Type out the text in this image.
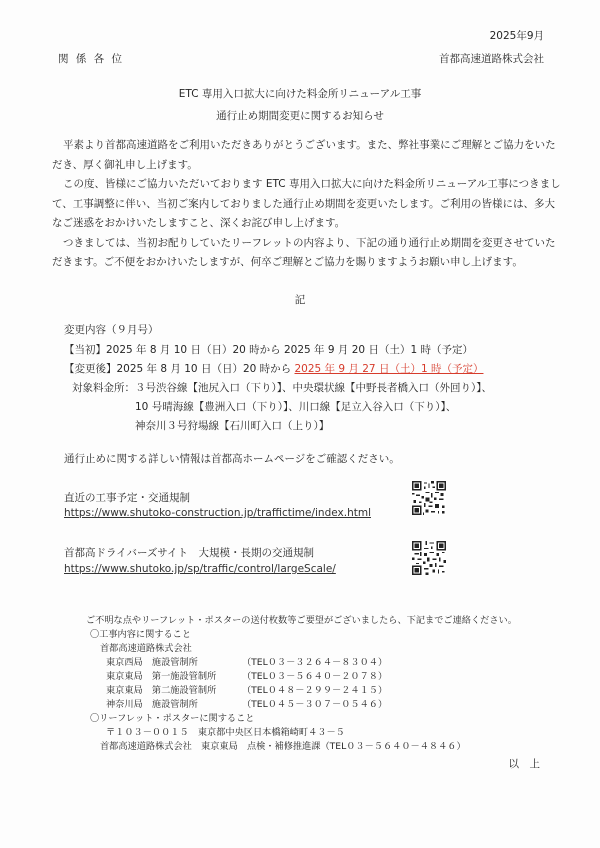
2025年9月
関 係 各 位	首都高速道路株式会社
ETC 専用入口拡大に向けた料金所リニューアル工事
通行止め期間変更に関するお知らせ
平素より首都高速道路をご利用いただきありがとうございます。また、弊社事業にご理解とご協力をいた
だき、厚く御礼申し上げます。
この度、皆様にご協力いただいております ETC 専用入口拡大に向けた料金所リニューアル工事につきまし
て、工事調整に伴い、当初ご案内しておりました通行止め期間を変更いたします。ご利用の皆様には、多大
なご迷惑をおかけいたしますこと、深くお詫び申し上げます。
つきましては、当初お配りしていたリーフレットの内容より、下記の通り通行止め期間を変更させていた
だきます。ご不便をおかけいたしますが、何卒ご理解とご協力を賜りますようお願い申し上げます。
記
変更内容（９月号）
【当初】2025 年 8 月 10 日（日）20 時から 2025 年 9 月 20 日（土）1 時（予定）
【変更後】2025 年 8 月 10 日（日）20 時から 2025 年 9 月 27 日（土）1 時（予定）
対象料金所：３号渋谷線【池尻入口（下り）】、中央環状線【中野長者橋入口（外回り）】、
10 号晴海線【豊洲入口（下り）】、川口線【足立入谷入口（下り）】、
神奈川３号狩場線【石川町入口（上り）】
通行止めに関する詳しい情報は首都高ホームページをご確認ください。
直近の工事予定・交通規制
https://www.shutoko-construction.jp/traffictime/index.html
首都高ドライバーズサイト　大規模・長期の交通規制
https://www.shutoko.jp/sp/traffic/control/largeScale/
ご不明な点やリーフレット・ポスターの送付枚数等ご要望がございましたら、下記までご連絡ください。
〇工事内容に関すること
首都高速道路株式会社
東京西局　施設管制所	（TEL０３－３２６４－８３０４）
東京東局　第一施設管制所	（TEL０３－５６４０－２０７８）
東京東局　第二施設管制所	（TEL０４８－２９９－２４１５）
神奈川局　施設管制所	（TEL０４５－３０７－０５４６）
〇リーフレット・ポスターに関すること
〒１０３－００１５　東京都中央区日本橋箱崎町４３－５
首都高速道路株式会社　東京東局　点検・補修推進課（TEL０３－５６４０－４８４６）
以　上
